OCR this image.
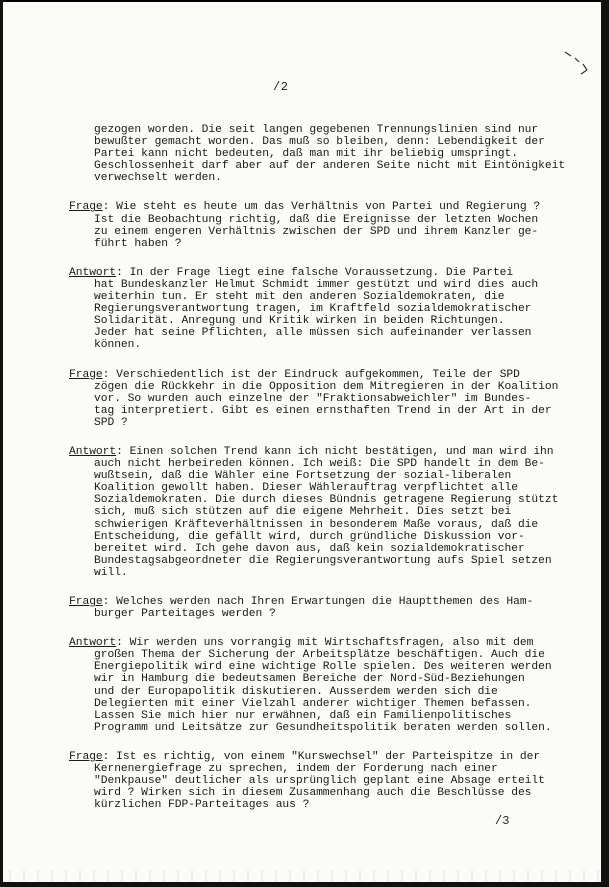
/2
gezogen worden. Die seit langen gegebenen Trennungslinien sind nur
bewußter gemacht worden. Das muß so bleiben, denn: Lebendigkeit der
Partei kann nicht bedeuten, daß man mit ihr beliebig umspringt.
Geschlossenheit darf aber auf der anderen Seite nicht mit Eintönigkeit
verwechselt werden.
Frage: Wie steht es heute um das Verhältnis von Partei und Regierung ?
Ist die Beobachtung richtig, daß die Ereignisse der letzten Wochen
zu einem engeren Verhältnis zwischen der SPD und ihrem Kanzler ge-
führt haben ?
Antwort: In der Frage liegt eine falsche Voraussetzung. Die Partei
hat Bundeskanzler Helmut Schmidt immer gestützt und wird dies auch
weiterhin tun. Er steht mit den anderen Sozialdemokraten, die
Regierungsverantwortung tragen, im Kraftfeld sozialdemokratischer
Solidarität. Anregung und Kritik wirken in beiden Richtungen.
Jeder hat seine Pflichten, alle müssen sich aufeinander verlassen
können.
Frage: Verschiedentlich ist der Eindruck aufgekommen, Teile der SPD
zögen die Rückkehr in die Opposition dem Mitregieren in der Koalition
vor. So wurden auch einzelne der "Fraktionsabweichler" im Bundes-
tag interpretiert. Gibt es einen ernsthaften Trend in der Art in der
SPD ?
Antwort: Einen solchen Trend kann ich nicht bestätigen, und man wird ihn
auch nicht herbeireden können. Ich weiß: Die SPD handelt in dem Be-
wußtsein, daß die Wähler eine Fortsetzung der sozial-liberalen
Koalition gewollt haben. Dieser Wählerauftrag verpflichtet alle
Sozialdemokraten. Die durch dieses Bündnis getragene Regierung stützt
sich, muß sich stützen auf die eigene Mehrheit. Dies setzt bei
schwierigen Kräfteverhältnissen in besonderem Maße voraus, daß die
Entscheidung, die gefällt wird, durch gründliche Diskussion vor-
bereitet wird. Ich gehe davon aus, daß kein sozialdemokratischer
Bundestagsabgeordneter die Regierungsverantwortung aufs Spiel setzen
will.
Frage: Welches werden nach Ihren Erwartungen die Hauptthemen des Ham-
burger Parteitages werden ?
Antwort: Wir werden uns vorrangig mit Wirtschaftsfragen, also mit dem
großen Thema der Sicherung der Arbeitsplätze beschäftigen. Auch die
Energiepolitik wird eine wichtige Rolle spielen. Des weiteren werden
wir in Hamburg die bedeutsamen Bereiche der Nord-Süd-Beziehungen
und der Europapolitik diskutieren. Ausserdem werden sich die
Delegierten mit einer Vielzahl anderer wichtiger Themen befassen.
Lassen Sie mich hier nur erwähnen, daß ein Familienpolitisches
Programm und Leitsätze zur Gesundheitspolitik beraten werden sollen.
Frage: Ist es richtig, von einem "Kurswechsel" der Parteispitze in der
Kernenergiefrage zu sprechen, indem der Forderung nach einer
"Denkpause" deutlicher als ursprünglich geplant eine Absage erteilt
wird ? Wirken sich in diesem Zusammenhang auch die Beschlüsse des
kürzlichen FDP-Parteitages aus ?
/3
